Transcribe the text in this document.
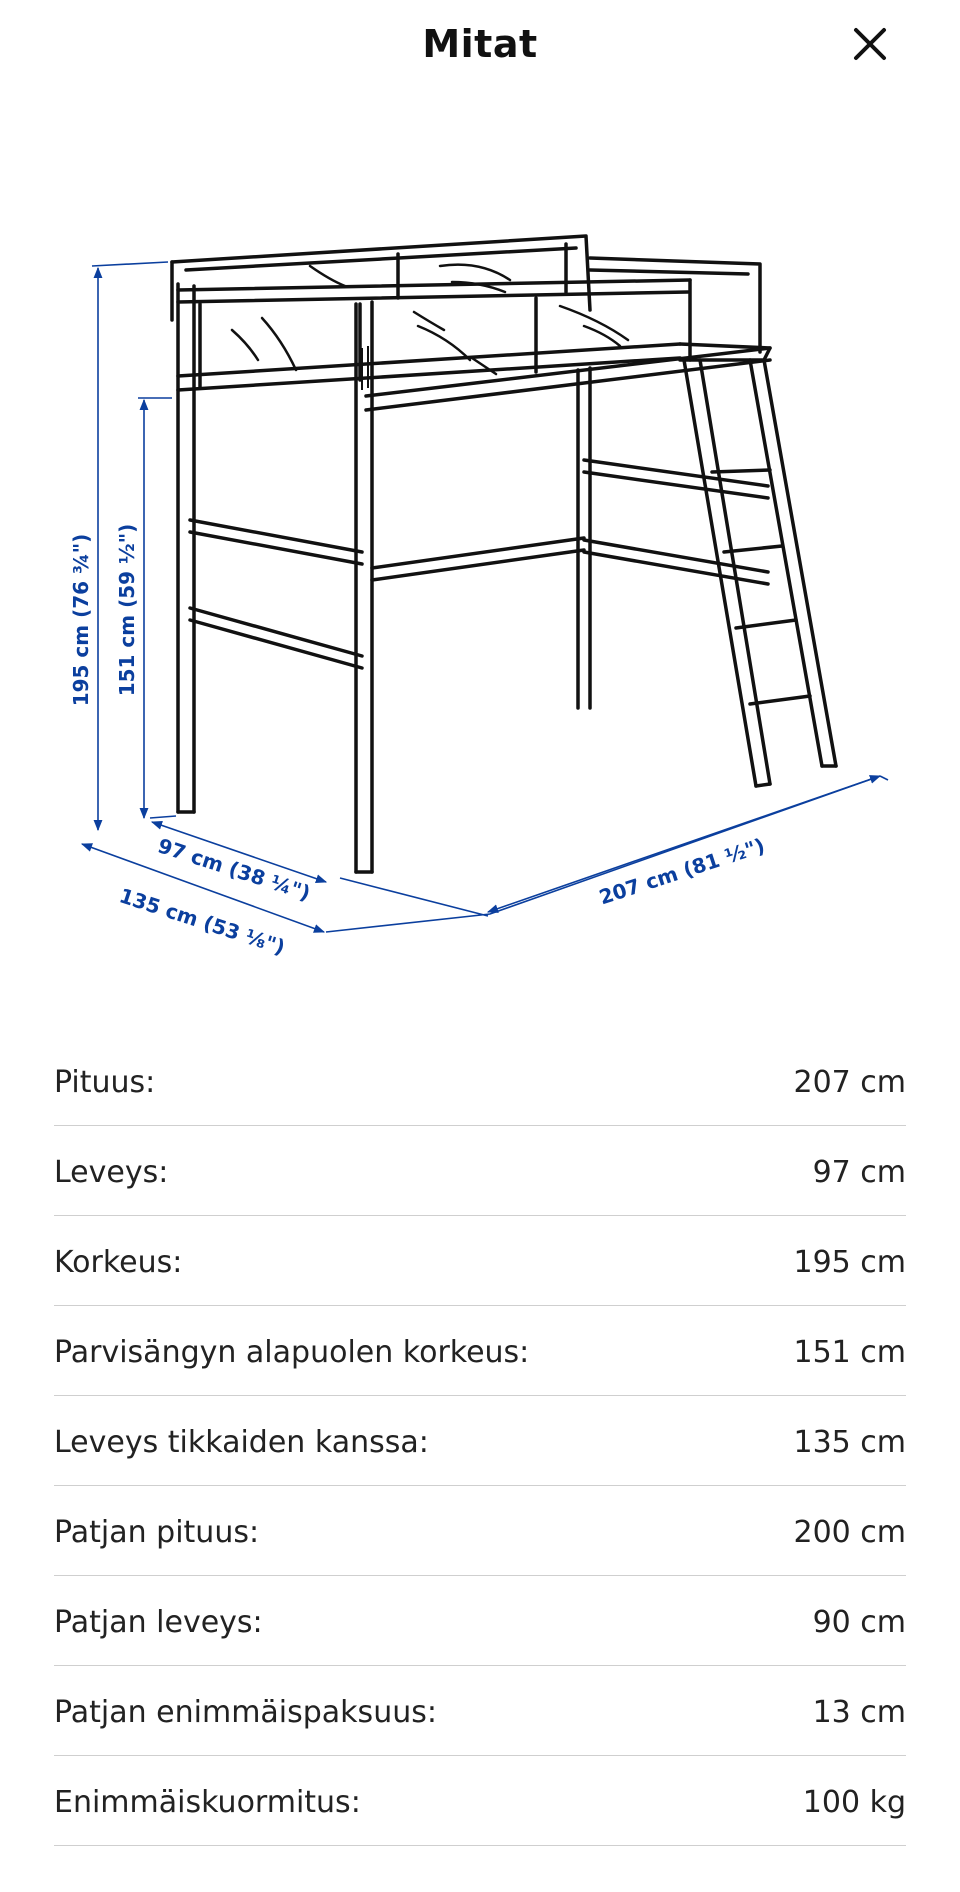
Mitat
195 cm (76 ¾") 151 cm (59 ½")
97 cm (38 ¼")
135 cm (53 ⅛")
207 cm (81 ½")
Pituus:	207 cm
Leveys:	97 cm
Korkeus:	195 cm
Parvisängyn alapuolen korkeus:	151 cm
Leveys tikkaiden kanssa:	135 cm
Patjan pituus:	200 cm
Patjan leveys:	90 cm
Patjan enimmäispaksuus:	13 cm
Enimmäiskuormitus:	100 kg
